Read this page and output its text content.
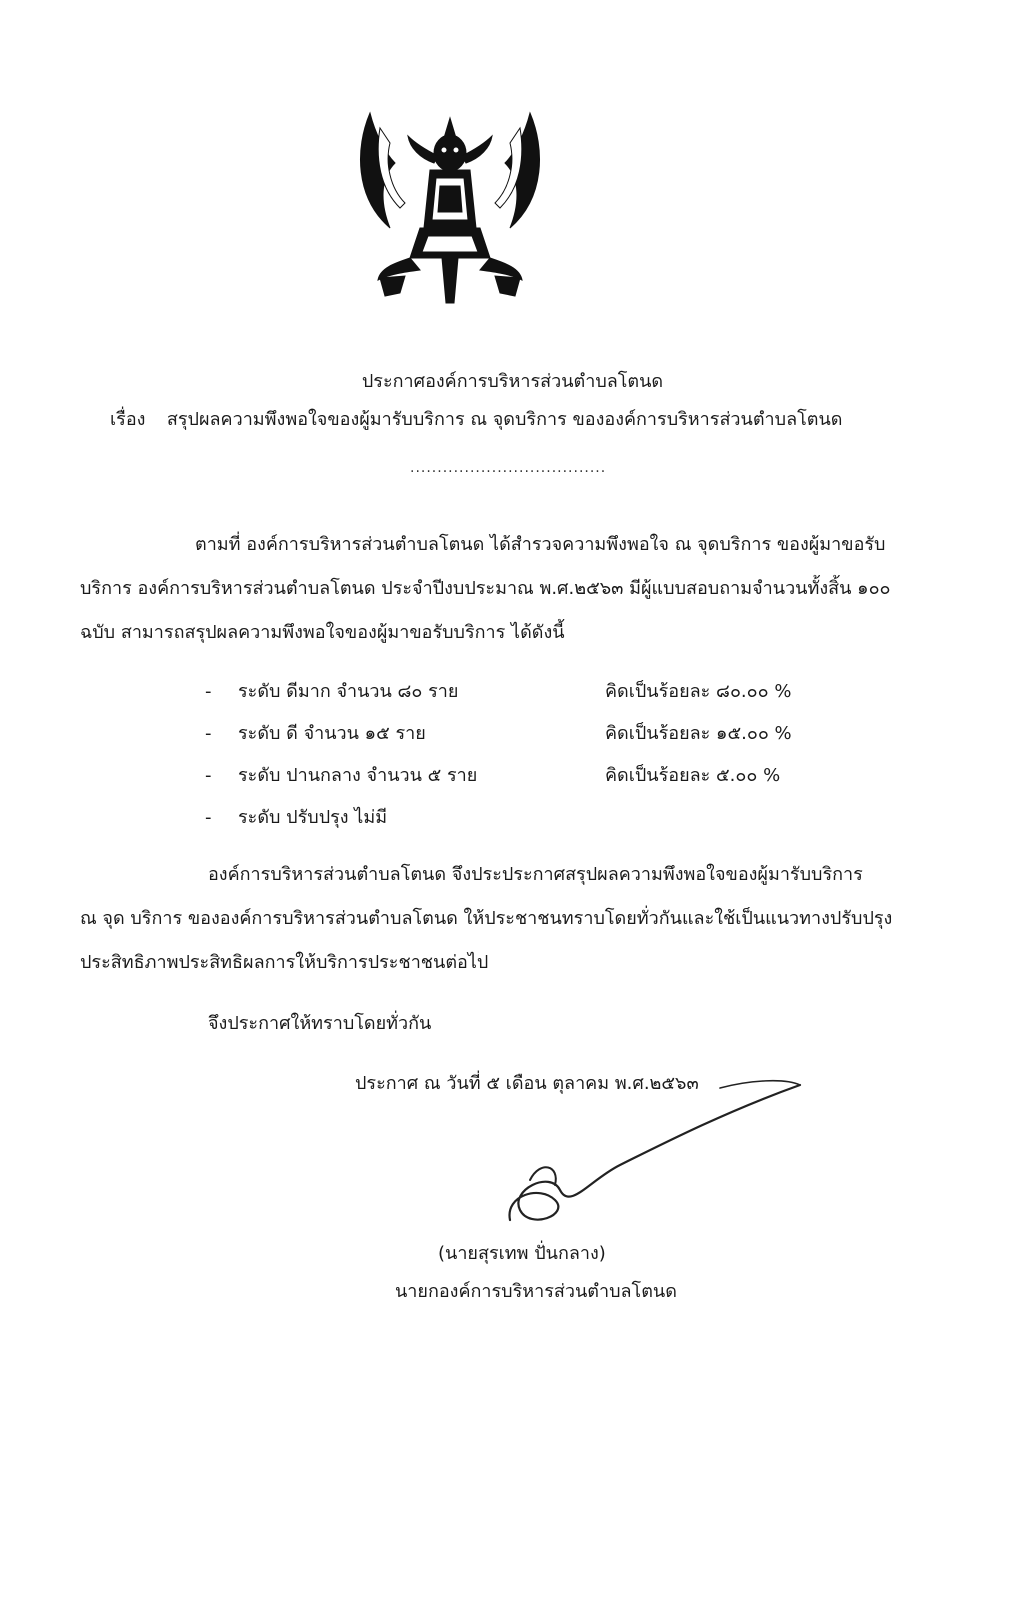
ประกาศองค์การบริหารส่วนตำบลโตนด
เรื่อง สรุปผลความพึงพอใจของผู้มารับบริการ ณ จุดบริการ ขององค์การบริหารส่วนตำบลโตนด
....................................
ตามที่ องค์การบริหารส่วนตำบลโตนด ได้สำรวจความพึงพอใจ ณ จุดบริการ ของผู้มาขอรับ
บริการ องค์การบริหารส่วนตำบลโตนด ประจำปีงบประมาณ พ.ศ.๒๕๖๓ มีผู้แบบสอบถามจำนวนทั้งสิ้น ๑๐๐
ฉบับ สามารถสรุปผลความพึงพอใจของผู้มาขอรับบริการ ได้ดังนี้
- ระดับ ดีมาก จำนวน ๘๐ ราย	คิดเป็นร้อยละ ๘๐.๐๐ %
- ระดับ ดี จำนวน ๑๕ ราย	คิดเป็นร้อยละ ๑๕.๐๐ %
- ระดับ ปานกลาง จำนวน ๕ ราย	คิดเป็นร้อยละ ๕.๐๐ %
- ระดับ ปรับปรุง ไม่มี
องค์การบริหารส่วนตำบลโตนด จึงประประกาศสรุปผลความพึงพอใจของผู้มารับบริการ
ณ จุด บริการ ขององค์การบริหารส่วนตำบลโตนด ให้ประชาชนทราบโดยทั่วกันและใช้เป็นแนวทางปรับปรุง
ประสิทธิภาพประสิทธิผลการให้บริการประชาชนต่อไป
จึงประกาศให้ทราบโดยทั่วกัน
ประกาศ ณ วันที่ ๕ เดือน ตุลาคม พ.ศ.๒๕๖๓
(นายสุรเทพ ปั่นกลาง)
นายกองค์การบริหารส่วนตำบลโตนด
